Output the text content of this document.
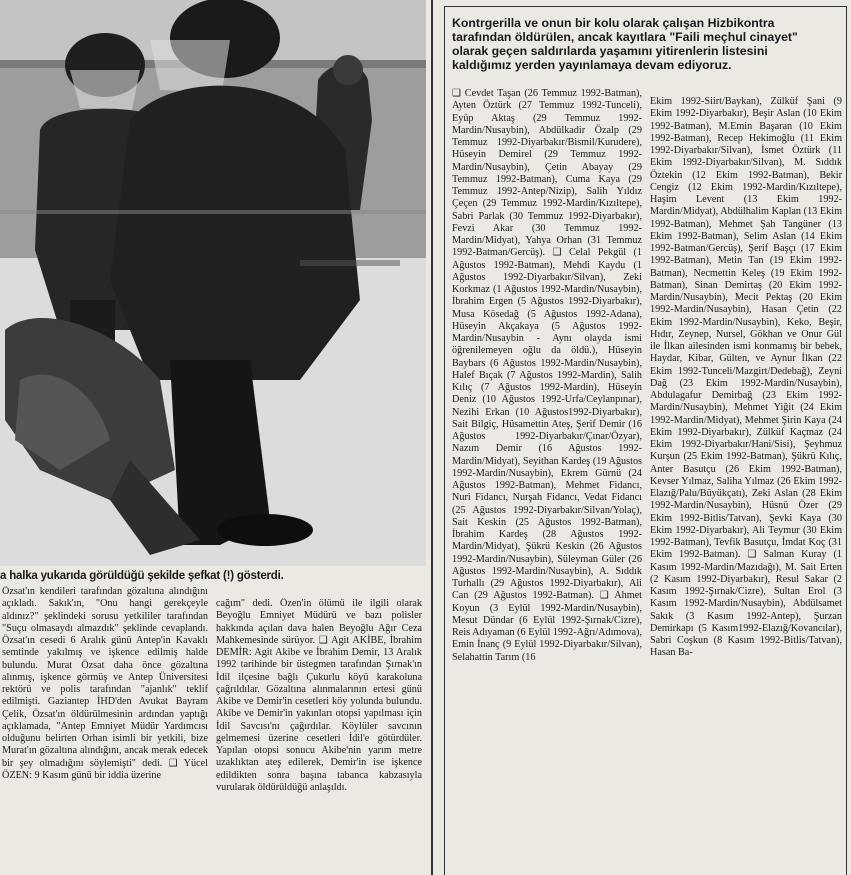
a halka yukarıda görüldüğü şekilde şefkat (!) gösterdi.

Özsat'ın kendileri tarafından gözaltına alındığını açıkladı. Sakık'ın, "Onu hangi gerekçeyle aldınız?" şeklindeki sorusu yetkililer tarafından "Suçu olmasaydı almazdık" şeklinde cevaplandı. Özsat'ın cesedi 6 Aralık günü Antep'in Kavaklı semtinde yakılmış ve işkence edilmiş halde bulundu. Murat Özsat daha önce gözaltına alınmış, işkence görmüş ve Antep Üniversitesi rektörü ve polis tarafından "ajanlık" teklif edilmişti. Gaziantep İHD'den Avukat Bayram Çelik, Özsat'ın öldürülmesinin ardından yaptığı açıklamada, "Antep Emniyet Müdür Yardımcısı olduğunu belirten Orhan isimli bir yetkili, bize Murat'ın gözaltına alındığını, ancak merak edecek bir şey olmadığını söylemişti" dedi. ❑ Yücel ÖZEN: 9 Kasım günü bir iddia üzerine

cağım" dedi. Özen'in ölümü ile ilgili olarak Beyoğlu Emniyet Müdürü ve bazı polisler hakkında açılan dava halen Beyoğlu Ağır Ceza Mahkemesinde sürüyor. ❑ Agit AKİBE, İbrahim DEMİR: Agit Akibe ve İbrahim Demir, 13 Aralık 1992 tarihinde bir üstegmen tarafından Şırnak'ın İdil ilçesine bağlı Çukurlu köyü karakoluna çağrıldılar. Gözaltına alınmalarının ertesi günü Akibe ve Demir'in cesetleri köy yolunda bulundu. Akibe ve Demir'in yakınları otopsi yapılması için İdil Savcısı'nı çağırdılar. Köylüler savcının gelmemesi üzerine cesetleri İdil'e götürdüler. Yapılan otopsi sonucu Akibe'nin yarım metre uzaklıktan ateş edilerek, Demir'in ise işkence edildikten sonra başına tabanca kabzasıyla vurularak öldürüldüğü anlaşıldı.

Kontrgerilla ve onun bir kolu olarak çalışan Hizbikontra tarafından öldürülen, ancak kayıtlara "Faili meçhul cinayet" olarak geçen saldırılarda yaşamını yitirenlerin listesini kaldığımız yerden yayınlamaya devam ediyoruz.

❑ Cevdet Taşan (26 Temmuz 1992-Batman), Ayten Öztürk (27 Temmuz 1992-Tunceli), Eyüp Aktaş (29 Temmuz 1992-Mardin/Nusaybin), Abdülkadir Özalp (29 Temmuz 1992-Diyarbakır/Bismil/Kurudere), Hüseyin Demirel (29 Temmuz 1992-Mardin/Nusaybin), Çetin Abayay (29 Temmuz 1992-Batman), Cuma Kaya (29 Temmuz 1992-Antep/Nizip), Salih Yıldız Çeçen (29 Temmuz 1992-Mardin/Kızıltepe), Sabri Parlak (30 Temmuz 1992-Diyarbakır), Fevzi Akar (30 Temmuz 1992-Mardin/Midyat), Yahya Orhan (31 Temmuz 1992-Batman/Gercüş). ❑ Celal Pekgül (1 Ağustos 1992-Batman), Mehdi Kaydu (1 Ağustos 1992-Diyarbakır/Silvan), Zeki Korkmaz (1 Ağustos 1992-Mardin/Nusaybin), İbrahim Ergen (5 Ağustos 1992-Diyarbakır), Musa Kösedağ (5 Ağustos 1992-Adana), Hüseyin Akçakaya (5 Ağustos 1992-Mardin/Nusaybin - Aynı olayda ismi öğrenilemeyen oğlu da öldü.), Hüseyin Baybars (6 Ağustos 1992-Mardin/Nusaybin), Halef Bıçak (7 Ağustos 1992-Mardin), Salih Kılıç (7 Ağustos 1992-Mardin), Hüseyin Deniz (10 Ağustos 1992-Urfa/Ceylanpınar), Nezihi Erkan (10 Ağustos1992-Diyarbakır), Sait Bilgiç, Hüsamettin Ateş, Şerif Demir (16 Ağustos 1992-Diyarbakır/Çınar/Özyar), Nazım Demir (16 Ağustos 1992-Mardin/Midyat), Seyithan Kardeş (19 Ağustos 1992-Mardin/Nusaybin), Ekrem Gürnü (24 Ağustos 1992-Batman), Mehmet Fidancı, Nuri Fidancı, Nurşah Fidancı, Vedat Fidancı (25 Ağustos 1992-Diyarbakır/Silvan/Yolaç), Sait Keskin (25 Ağustos 1992-Batman), İbrahim Kardeş (28 Ağustos 1992-Mardin/Midyat), Şükrü Keskin (26 Ağustos 1992-Mardin/Nusaybin), Süleyman Güler (26 Ağustos 1992-Mardin/Nusaybin), A. Sıddık Turhallı (29 Ağustos 1992-Diyarbakır), Ali Can (29 Ağustos 1992-Batman). ❑ Ahmet Koyun (3 Eylül 1992-Mardin/Nusaybin), Mesut Dündar (6 Eylül 1992-Şırnak/Cizre), Reis Adıyaman (6 Eylül 1992-Ağrı/Adımova), Emin İnanç (9 Eylül 1992-Diyarbakır/Silvan), Selahattin Tarım (16

Ekim 1992-Siirt/Baykan), Zülküf Şani (9 Ekim 1992-Diyarbakır), Beşir Aslan (10 Ekim 1992-Batman), M.Emin Başaran (10 Ekim 1992-Batman), Recep Hekimoğlu (11 Ekim 1992-Diyarbakır/Silvan), İsmet Öztürk (11 Ekim 1992-Diyarbakır/Silvan), M. Sıddık Öztekin (12 Ekim 1992-Batman), Bekir Cengiz (12 Ekim 1992-Mardin/Kızıltepe), Haşim Levent (13 Ekim 1992-Mardin/Midyat), Abdülhalim Kaplan (13 Ekim 1992-Batman), Mehmet Şah Tangüner (13 Ekim 1992-Batman), Selim Aslan (14 Ekim 1992-Batman/Gercüş), Şerif Başçı (17 Ekim 1992-Batman), Metin Tan (19 Ekim 1992-Batman), Necmettin Keleş (19 Ekim 1992-Batman), Sinan Demirtaş (20 Ekim 1992-Mardin/Nusaybin), Mecit Pektaş (20 Ekim 1992-Mardin/Nusaybin), Hasan Çetin (22 Ekim 1992-Mardin/Nusaybin), Keko, Beşir, Hıdır, Zeynep, Nursel, Gökhan ve Onur Gül ile İlkan ailesinden ismi konmamış bir bebek, Haydar, Kibar, Gülten, ve Aynur İlkan (22 Ekim 1992-Tunceli/Mazgirt/Dedebağ), Zeyni Dağ (23 Ekim 1992-Mardin/Nusaybin), Abdulagafur Demirbağ (23 Ekim 1992-Mardin/Nusaybin), Mehmet Yiğit (24 Ekim 1992-Mardin/Midyat), Mehmet Şirin Kaya (24 Ekim 1992-Diyarbakır), Zülküf Kaçmaz (24 Ekim 1992-Diyarbakır/Hani/Sisi), Şeyhmuz Kurşun (25 Ekim 1992-Batman), Şükrü Kılıç, Anter Basutçu (26 Ekim 1992-Batman), Kevser Yılmaz, Saliha Yılmaz (26 Ekim 1992- Elazığ/Palu/Büyükçatı), Zeki Aslan (28 Ekim 1992-Mardin/Nusaybin), Hüsnü Özer (29 Ekim 1992-Bitlis/Tatvan), Şevki Kaya (30 Ekim 1992-Diyarbakır), Ali Teymur (30 Ekim 1992-Batman), Tevfik Basutçu, İmdat Koç (31 Ekim 1992-Batman). ❑ Salman Kuray (1 Kasım 1992-Mardin/Mazıdağı), M. Sait Erten (2 Kasım 1992-Diyarbakır), Resul Sakar (2 Kasım 1992-Şırnak/Cizre), Sultan Erol (3 Kasım 1992-Mardin/Nusaybin), Abdülsamet Sakık (3 Kasım 1992-Antep), Şurzan Demirkapı (5 Kasım1992-Elazığ/Kovancılar), Sabri Coşkun (8 Kasım 1992-Bitlis/Tatvan), Hasan Ba-
